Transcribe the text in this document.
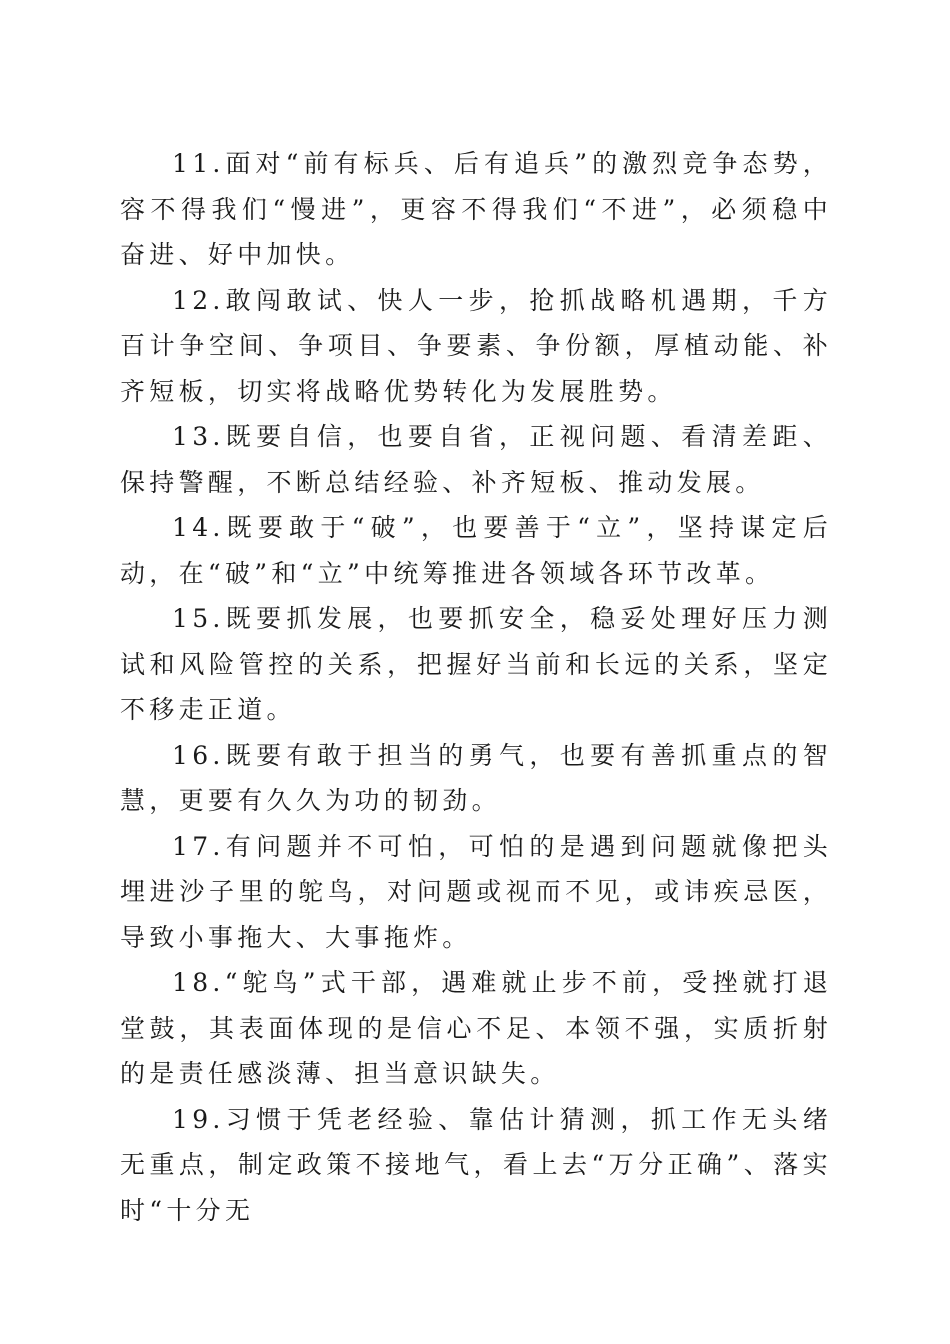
11.面对“前有标兵、后有追兵”的激烈竞争态势，容不得我们“慢进”，更容不得我们“不进”，必须稳中奋进、好中加快。

12.敢闯敢试、快人一步，抢抓战略机遇期，千方百计争空间、争项目、争要素、争份额，厚植动能、补齐短板，切实将战略优势转化为发展胜势。

13.既要自信，也要自省，正视问题、看清差距、保持警醒，不断总结经验、补齐短板、推动发展。

14.既要敢于“破”，也要善于“立”，坚持谋定后动，在“破”和“立”中统筹推进各领域各环节改革。

15.既要抓发展，也要抓安全，稳妥处理好压力测试和风险管控的关系，把握好当前和长远的关系，坚定不移走正道。

16.既要有敢于担当的勇气，也要有善抓重点的智慧，更要有久久为功的韧劲。

17.有问题并不可怕，可怕的是遇到问题就像把头埋进沙子里的鸵鸟，对问题或视而不见，或讳疾忌医，导致小事拖大、大事拖炸。

18.“鸵鸟”式干部，遇难就止步不前，受挫就打退堂鼓，其表面体现的是信心不足、本领不强，实质折射的是责任感淡薄、担当意识缺失。

19.习惯于凭老经验、靠估计猜测，抓工作无头绪无重点，制定政策不接地气，看上去“万分正确”、落实时“十分无
